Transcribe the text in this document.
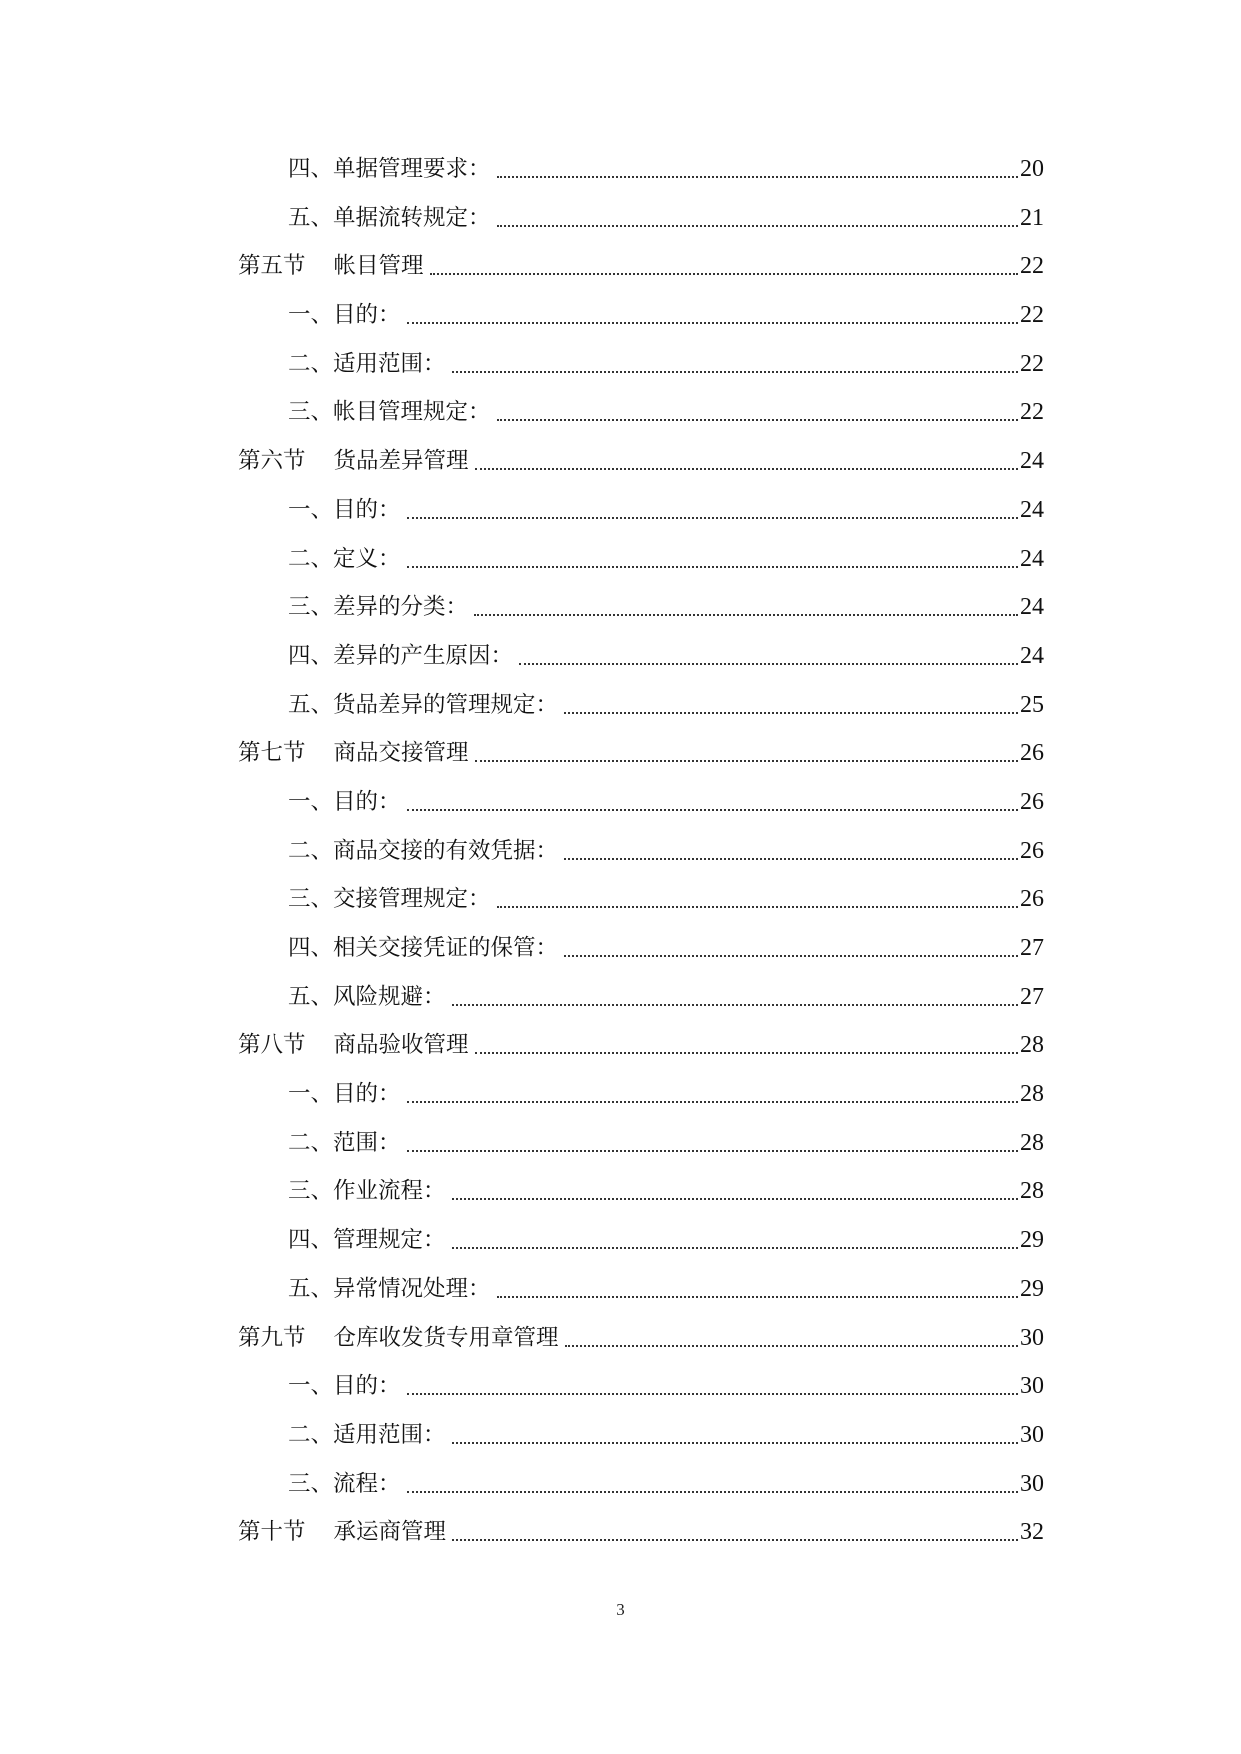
四、 单据管理要求：	20
五、 单据流转规定：	21
第五节	帐目管理	22
一、 目的：	22
二、 适用范围：	22
三、 帐目管理规定：	22
第六节	货品差异管理	24
一、 目的：	24
二、 定义：	24
三、 差异的分类：	24
四、 差异的产生原因：	24
五、 货品差异的管理规定：	25
第七节	商品交接管理	26
一、 目的：	26
二、 商品交接的有效凭据：	26
三、 交接管理规定：	26
四、 相关交接凭证的保管：	27
五、 风险规避：	27
第八节	商品验收管理	28
一、 目的：	28
二、 范围：	28
三、 作业流程：	28
四、 管理规定：	29
五、 异常情况处理：	29
第九节	仓库收发货专用章管理	30
一、 目的：	30
二、 适用范围：	30
三、 流程：	30
第十节	承运商管理	32
3
